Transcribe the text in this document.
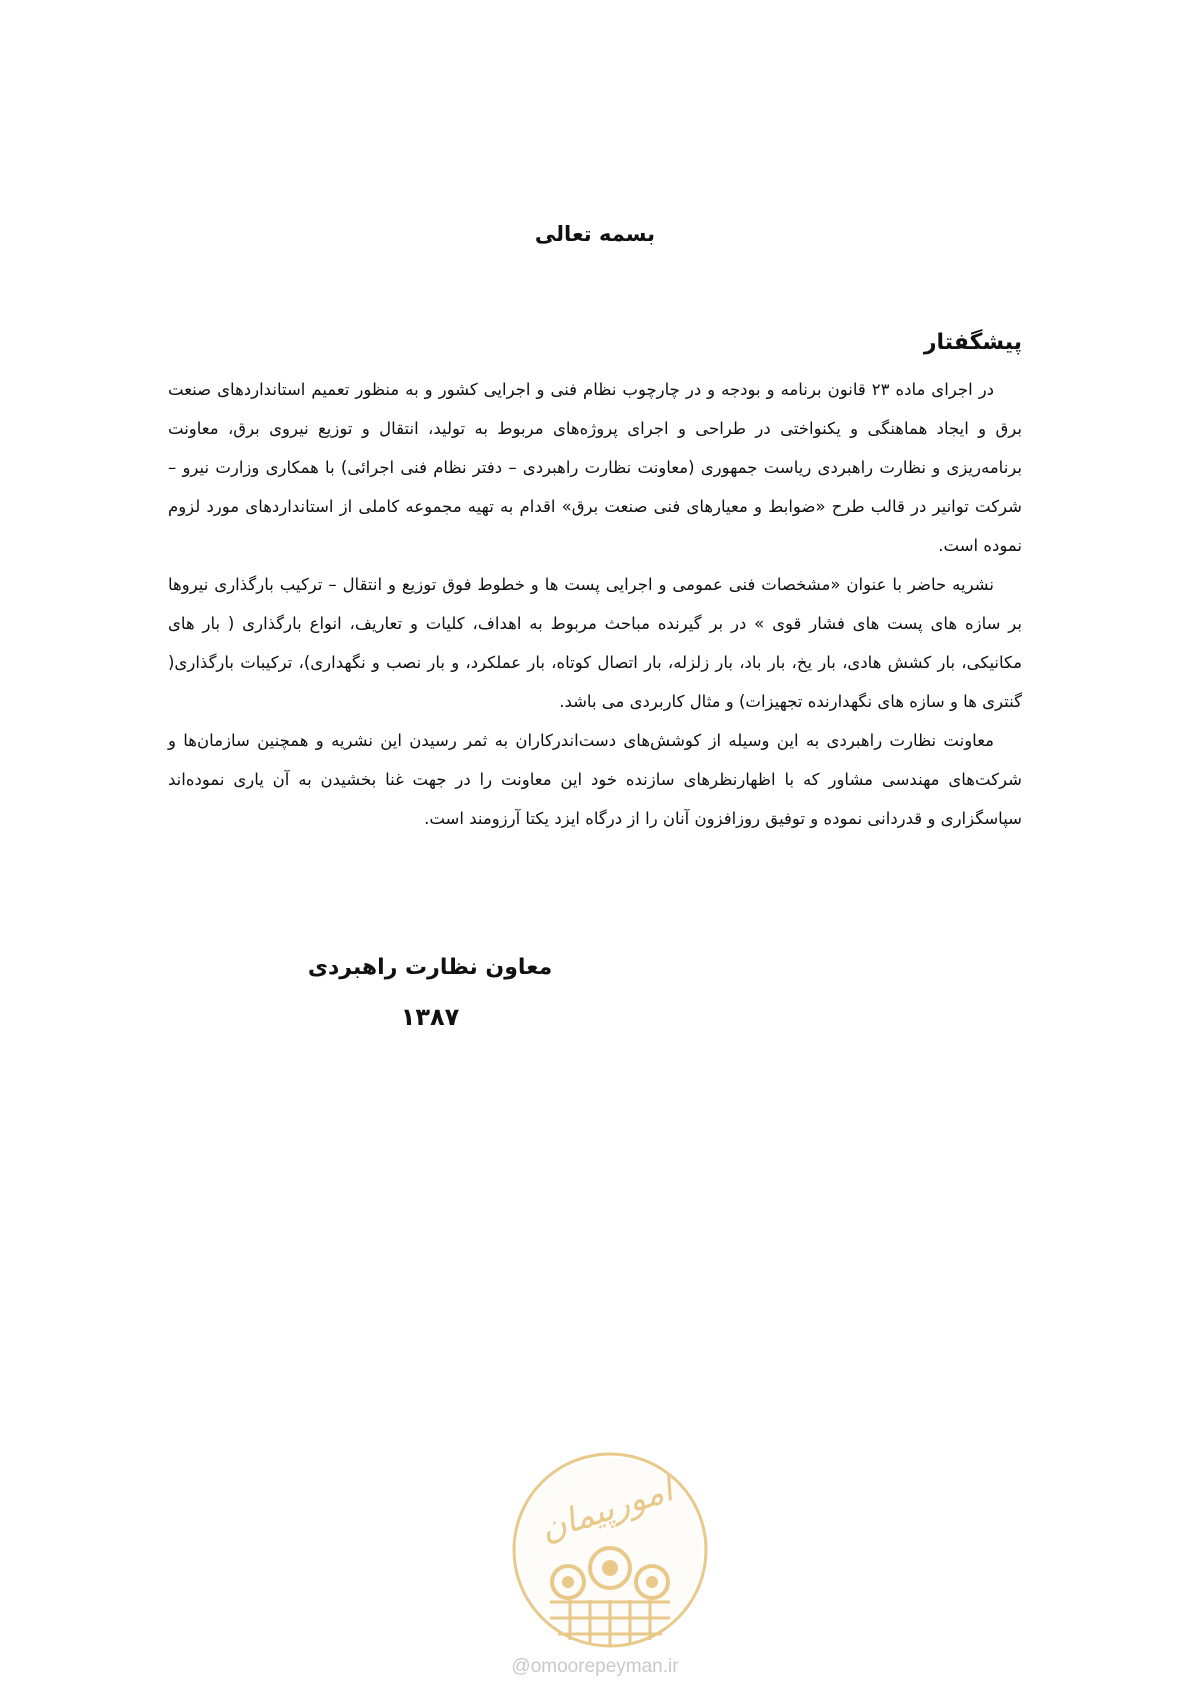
بسمه تعالی
پیشگفتار

در اجرای ماده ۲۳ قانون برنامه و بودجه و در چارچوب نظام فنی و اجرایی کشور و به منظور تعمیم استانداردهای صنعت برق و ایجاد هماهنگی و یکنواختی در طراحی و اجرای پروژه‌های مربوط به تولید، انتقال و توزیع نیروی برق، معاونت برنامه‌ریزی و نظارت راهبردی ریاست جمهوری (معاونت نظارت راهبردی – دفتر نظام فنی اجرائی) با همکاری وزارت نیرو – شرکت توانیر در قالب طرح «ضوابط و معیارهای فنی صنعت برق» اقدام به تهیه مجموعه کاملی از استانداردهای مورد لزوم نموده است.

نشریه حاضر با عنوان «مشخصات فنی عمومی و اجرایی پست ها و خطوط فوق توزیع و انتقال – ترکیب بارگذاری نیروها بر سازه های پست های فشار قوی » در بر گیرنده مباحث مربوط به اهداف، کلیات و تعاریف، انواع بارگذاری ( بار های مکانیکی، بار کشش هادی، بار یخ، بار باد، بار زلزله، بار اتصال کوتاه، بار عملکرد، و بار نصب و نگهداری)، ترکیبات بارگذاری( گنتری ها و سازه های نگهدارنده تجهیزات) و مثال کاربردی می باشد.

معاونت نظارت راهبردی به این وسیله از کوشش‌های دست‌اندرکاران به ثمر رسیدن این نشریه و همچنین سازمان‌ها و شرکت‌های مهندسی مشاور که با اظهارنظرهای سازنده خود این معاونت را در جهت غنا بخشیدن به آن یاری نموده‌اند سپاسگزاری و قدردانی نموده و توفیق روزافزون آنان را از درگاه ایزد یکتا آرزومند است.

معاون نظارت راهبردی
۱۳۸۷
امورپیمان
@omoorepeyman.ir
